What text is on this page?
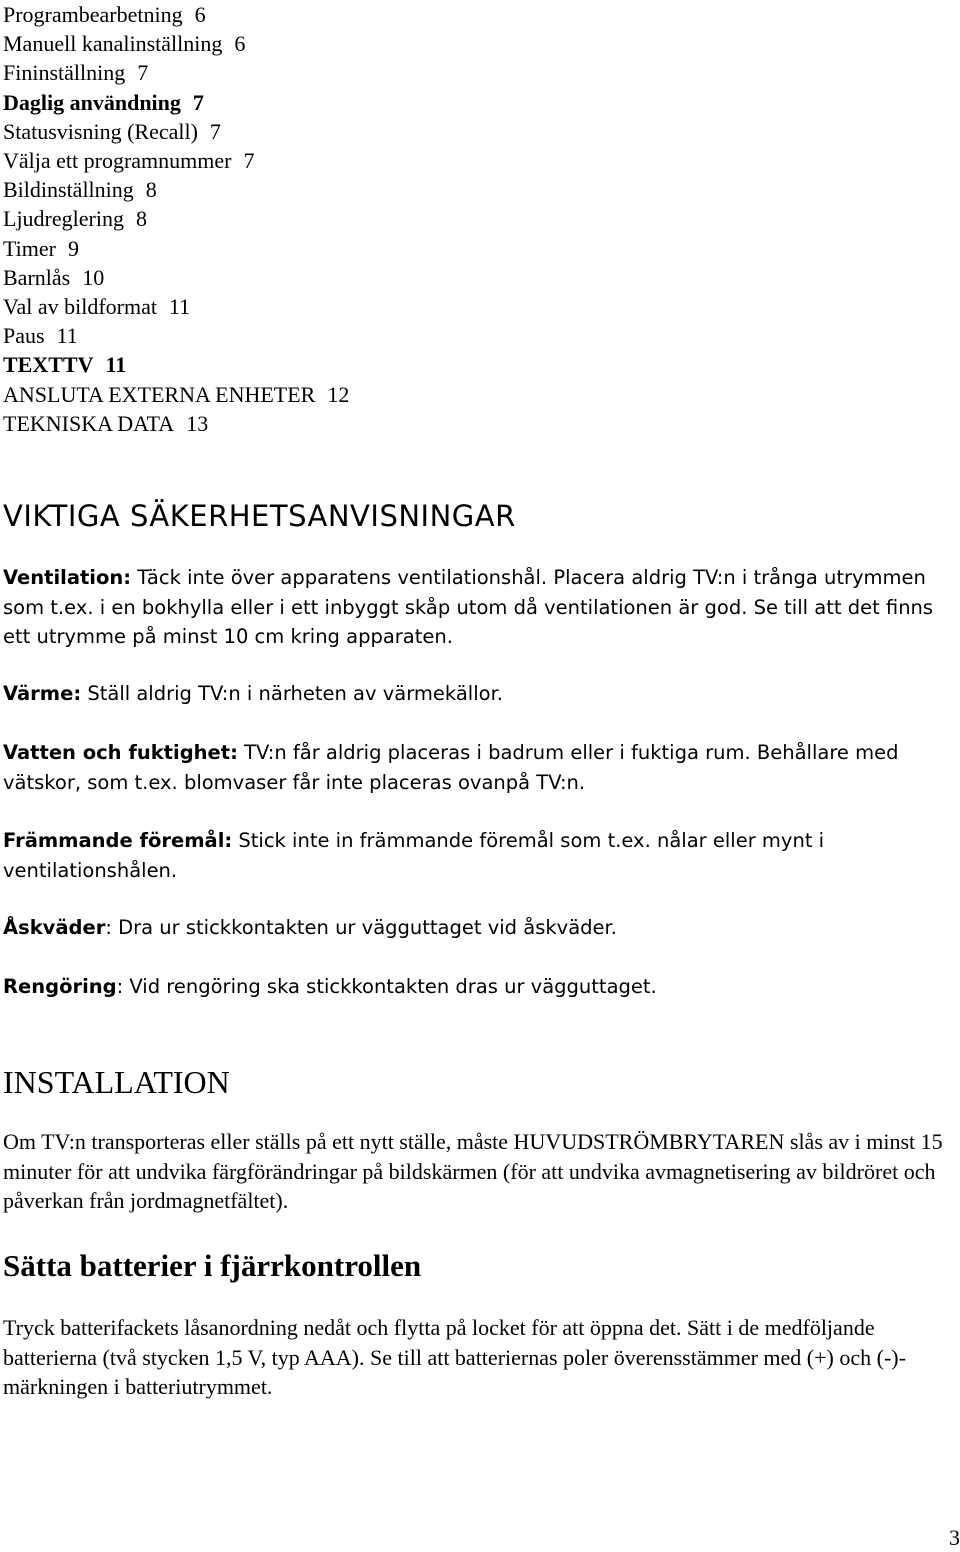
Programbearbetning 6
Manuell kanalinställning 6
Fininställning 7
Daglig användning 7
Statusvisning (Recall) 7
Välja ett programnummer 7
Bildinställning 8
Ljudreglering 8
Timer 9
Barnlås 10
Val av bildformat 11
Paus 11
TEXTTV 11
ANSLUTA EXTERNA ENHETER 12
TEKNISKA DATA 13
VIKTIGA SÄKERHETSANVISNINGAR
Ventilation: Täck inte över apparatens ventilationshål. Placera aldrig TV:n i trånga utrymmen som t.ex. i en bokhylla eller i ett inbyggt skåp utom då ventilationen är god. Se till att det finns ett utrymme på minst 10 cm kring apparaten.
Värme: Ställ aldrig TV:n i närheten av värmekällor.
Vatten och fuktighet: TV:n får aldrig placeras i badrum eller i fuktiga rum. Behållare med vätskor, som t.ex. blomvaser får inte placeras ovanpå TV:n.
Främmande föremål: Stick inte in främmande föremål som t.ex. nålar eller mynt i ventilationshålen.
Åskväder: Dra ur stickkontakten ur vägguttaget vid åskväder.
Rengöring: Vid rengöring ska stickkontakten dras ur vägguttaget.
INSTALLATION

Om TV:n transporteras eller ställs på ett nytt ställe, måste HUVUDSTRÖMBRYTAREN slås av i minst 15 minuter för att undvika färgförändringar på bildskärmen (för att undvika avmagnetisering av bildröret och påverkan från jordmagnetfältet).

Sätta batterier i fjärrkontrollen

Tryck batterifackets låsanordning nedåt och flytta på locket för att öppna det. Sätt i de medföljande batterierna (två stycken 1,5 V, typ AAA). Se till att batteriernas poler överensstämmer med (+) och (-)-märkningen i batteriutrymmet.

3
